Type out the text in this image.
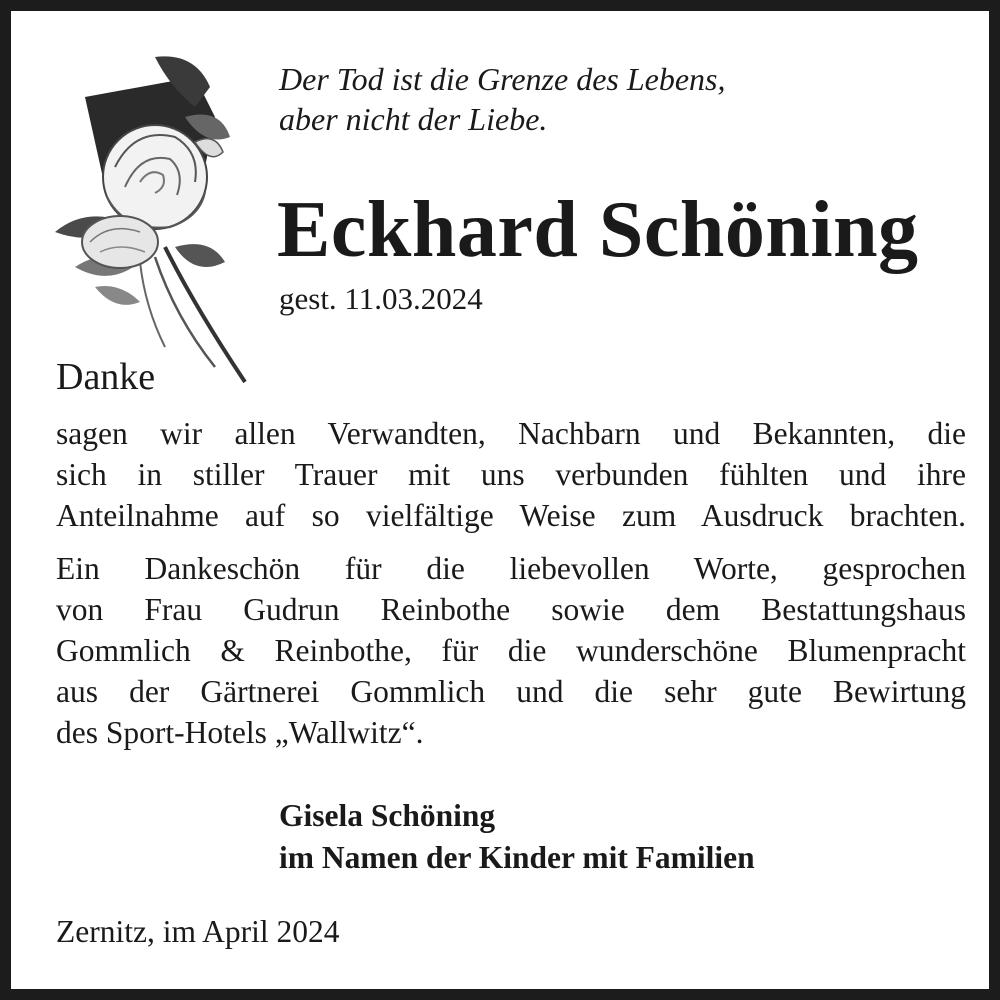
Der Tod ist die Grenze des Lebens,
aber nicht der Liebe.

Eckhard Schöning
gest. 11.03.2024
Danke

sagen wir allen Verwandten, Nachbarn und Bekannten, die
sich in stiller Trauer mit uns verbunden fühlten und ihre
Anteilnahme auf so vielfältige Weise zum Ausdruck brachten.

Ein Dankeschön für die liebevollen Worte, gesprochen
von Frau Gudrun Reinbothe sowie dem Bestattungshaus
Gommlich & Reinbothe, für die wunderschöne Blumenpracht
aus der Gärtnerei Gommlich und die sehr gute Bewirtung
des Sport-Hotels „Wallwitz“.

Gisela Schöning
im Namen der Kinder mit Familien
Zernitz, im April 2024
